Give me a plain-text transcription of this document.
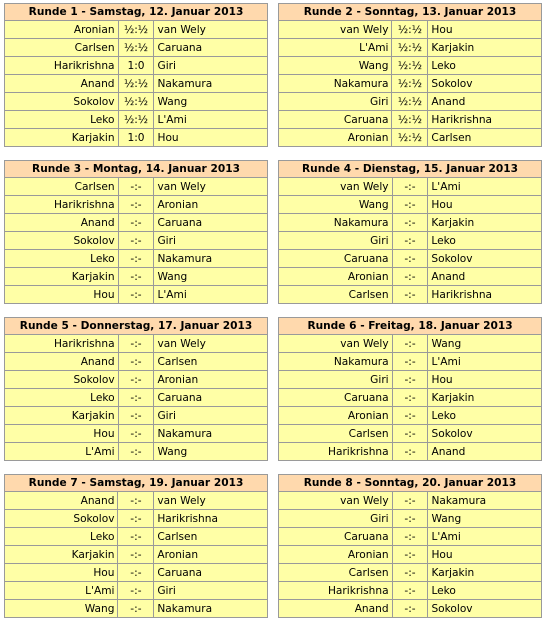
Runde 1 - Samstag, 12. Januar 2013		
Aronian	½:½	van Wely
Carlsen	½:½	Caruana
Harikrishna	1:0	Giri
Anand	½:½	Nakamura
Sokolov	½:½	Wang
Leko	½:½	L'Ami
Karjakin	1:0	Hou
Runde 2 - Sonntag, 13. Januar 2013		
van Wely	½:½	Hou
L'Ami	½:½	Karjakin
Wang	½:½	Leko
Nakamura	½:½	Sokolov
Giri	½:½	Anand
Caruana	½:½	Harikrishna
Aronian	½:½	Carlsen
Runde 3 - Montag, 14. Januar 2013		
Carlsen	-:-	van Wely
Harikrishna	-:-	Aronian
Anand	-:-	Caruana
Sokolov	-:-	Giri
Leko	-:-	Nakamura
Karjakin	-:-	Wang
Hou	-:-	L'Ami
Runde 4 - Dienstag, 15. Januar 2013		
van Wely	-:-	L'Ami
Wang	-:-	Hou
Nakamura	-:-	Karjakin
Giri	-:-	Leko
Caruana	-:-	Sokolov
Aronian	-:-	Anand
Carlsen	-:-	Harikrishna
Runde 5 - Donnerstag, 17. Januar 2013		
Harikrishna	-:-	van Wely
Anand	-:-	Carlsen
Sokolov	-:-	Aronian
Leko	-:-	Caruana
Karjakin	-:-	Giri
Hou	-:-	Nakamura
L'Ami	-:-	Wang
Runde 6 - Freitag, 18. Januar 2013		
van Wely	-:-	Wang
Nakamura	-:-	L'Ami
Giri	-:-	Hou
Caruana	-:-	Karjakin
Aronian	-:-	Leko
Carlsen	-:-	Sokolov
Harikrishna	-:-	Anand
Runde 7 - Samstag, 19. Januar 2013		
Anand	-:-	van Wely
Sokolov	-:-	Harikrishna
Leko	-:-	Carlsen
Karjakin	-:-	Aronian
Hou	-:-	Caruana
L'Ami	-:-	Giri
Wang	-:-	Nakamura
Runde 8 - Sonntag, 20. Januar 2013		
van Wely	-:-	Nakamura
Giri	-:-	Wang
Caruana	-:-	L'Ami
Aronian	-:-	Hou
Carlsen	-:-	Karjakin
Harikrishna	-:-	Leko
Anand	-:-	Sokolov
